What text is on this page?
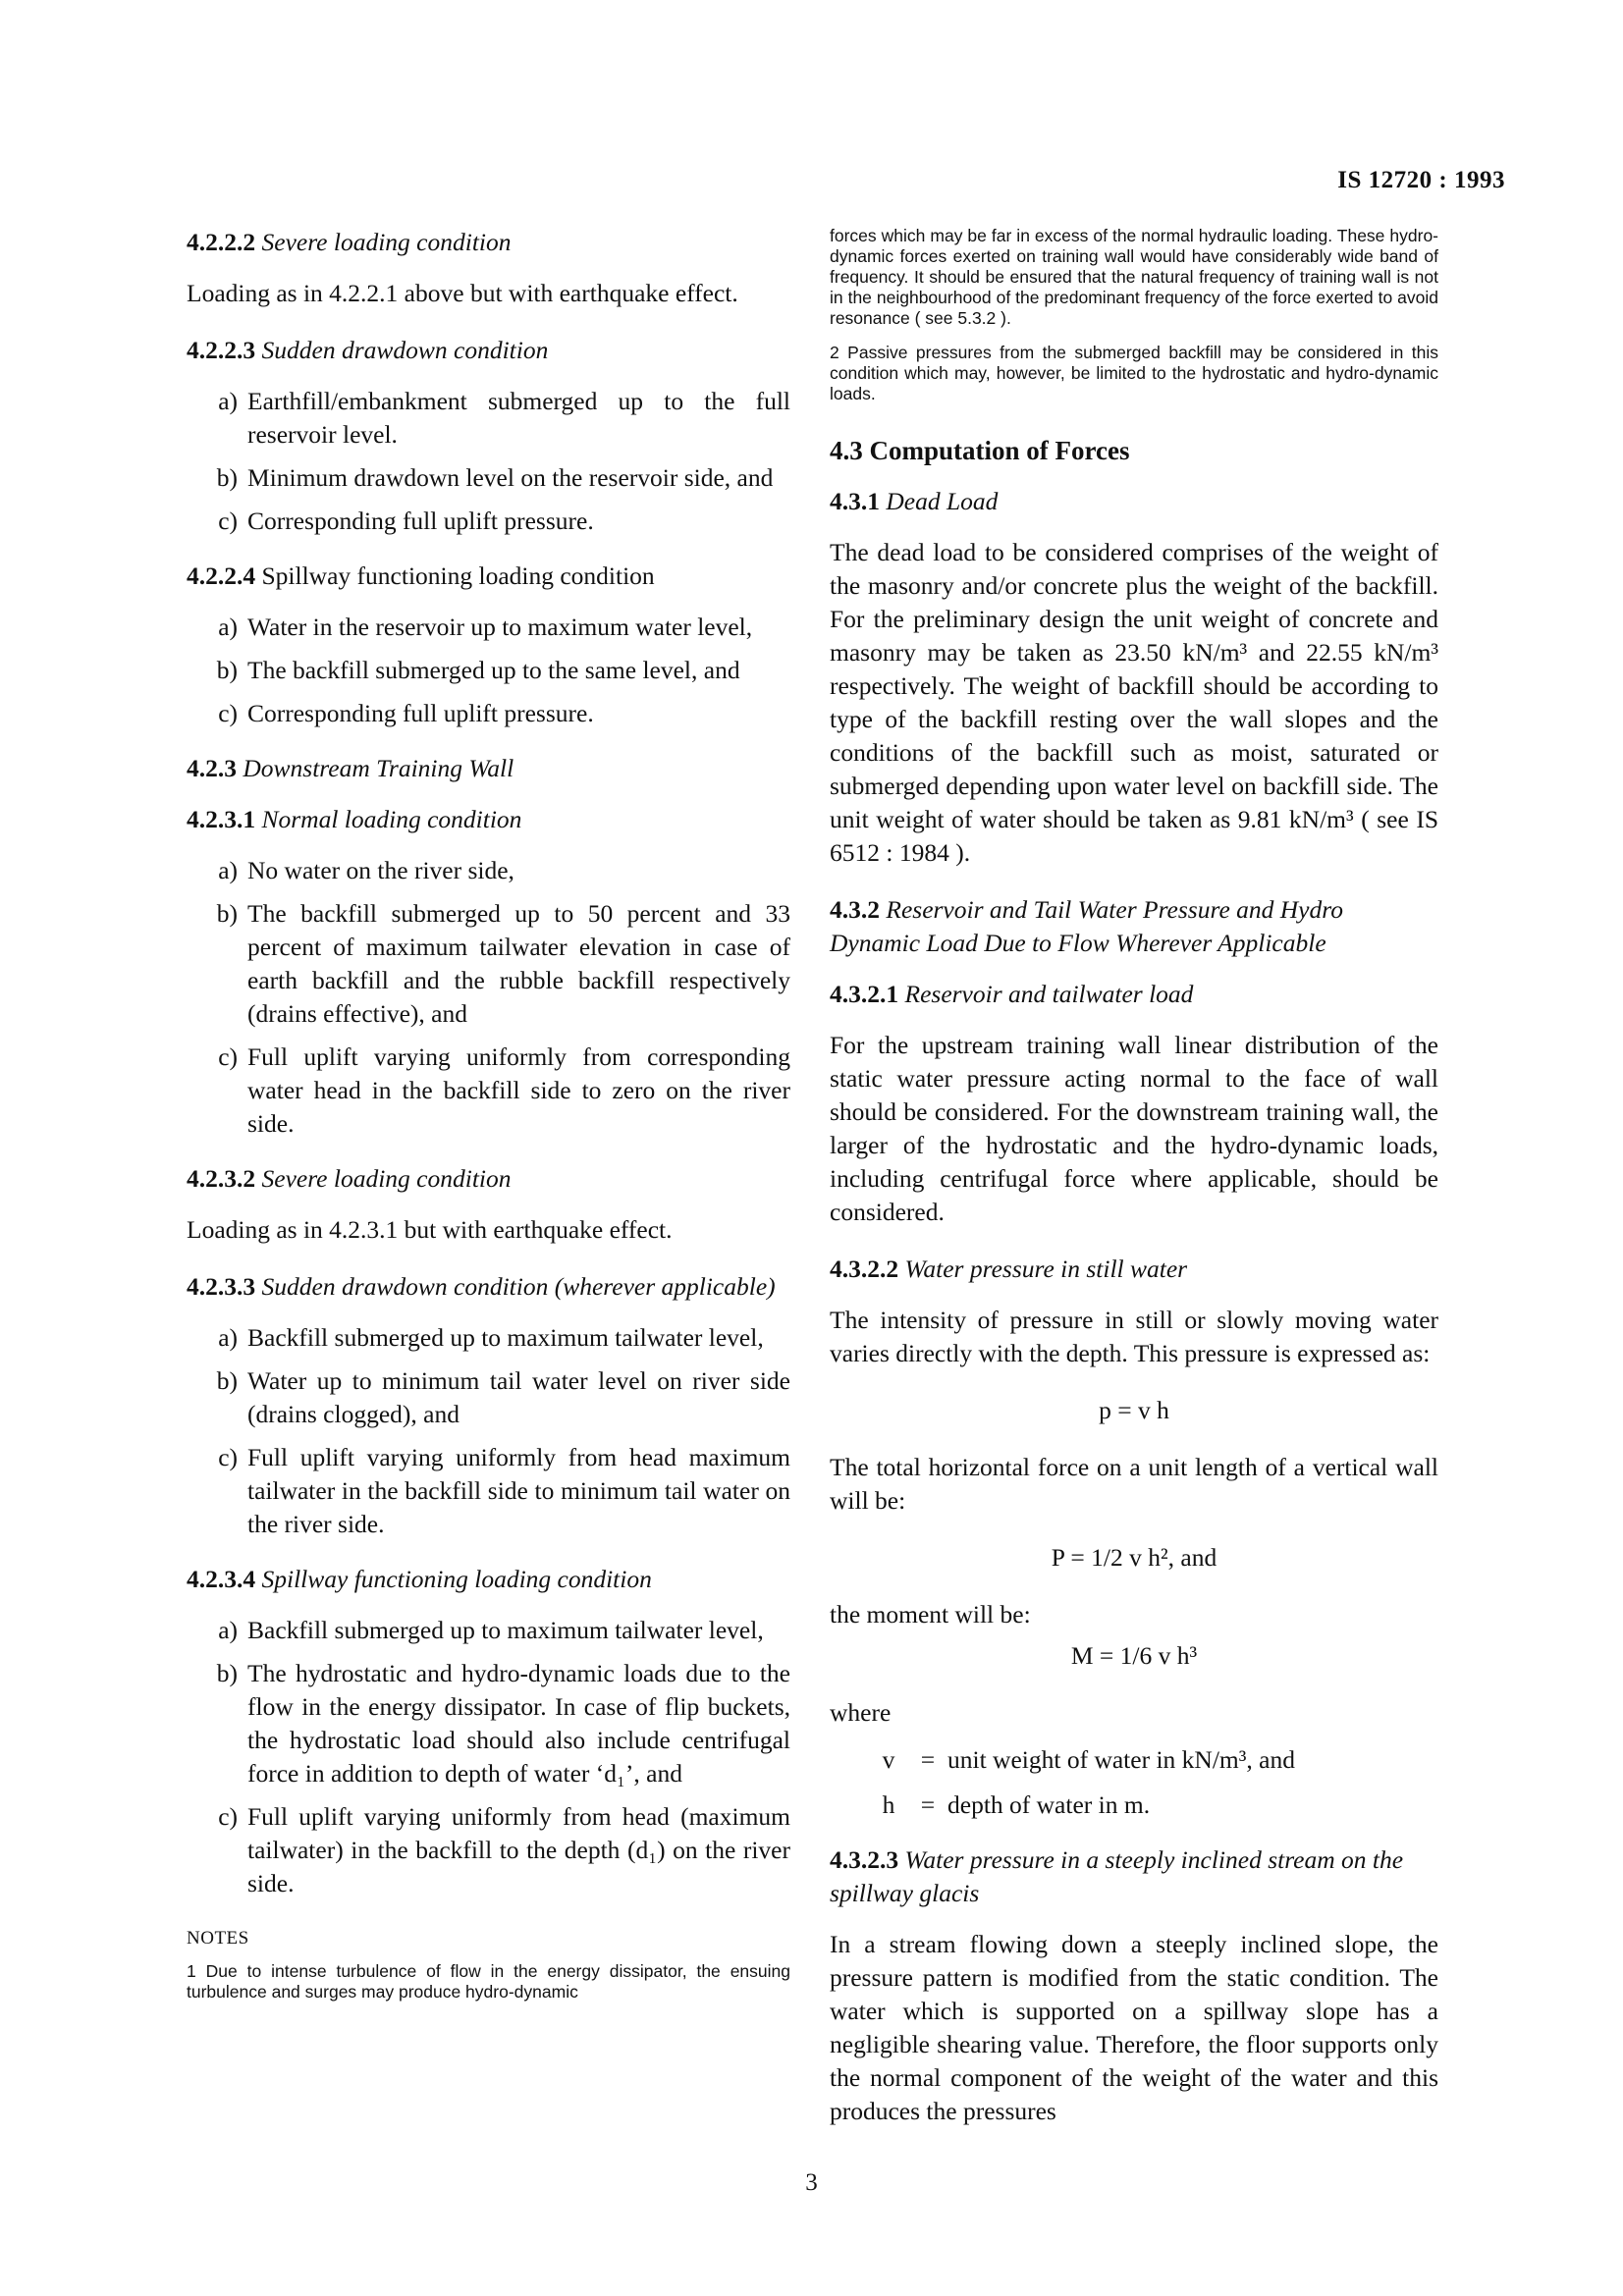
IS 12720 : 1993
4.2.2.2 Severe loading condition

Loading as in 4.2.2.1 above but with earthquake effect.

4.2.2.3 Sudden drawdown condition
a) Earthfill/embankment submerged up to the full reservoir level.
b) Minimum drawdown level on the reservoir side, and
c) Corresponding full uplift pressure.
4.2.2.4 Spillway functioning loading condition
a) Water in the reservoir up to maximum water level,
b) The backfill submerged up to the same level, and
c) Corresponding full uplift pressure.
4.2.3 Downstream Training Wall
4.2.3.1 Normal loading condition
a) No water on the river side,
b) The backfill submerged up to 50 percent and 33 percent of maximum tailwater elevation in case of earth backfill and the rubble backfill respectively (drains effective), and
c) Full uplift varying uniformly from corresponding water head in the backfill side to zero on the river side.
4.2.3.2 Severe loading condition

Loading as in 4.2.3.1 but with earthquake effect.

4.2.3.3 Sudden drawdown condition (wherever applicable)
a) Backfill submerged up to maximum tailwater level,
b) Water up to minimum tail water level on river side (drains clogged), and
c) Full uplift varying uniformly from head maximum tailwater in the backfill side to minimum tail water on the river side.
4.2.3.4 Spillway functioning loading condition
a) Backfill submerged up to maximum tailwater level,
b) The hydrostatic and hydro-dynamic loads due to the flow in the energy dissipator. In case of flip buckets, the hydrostatic load should also include centrifugal force in addition to depth of water ‘d₁’, and
c) Full uplift varying uniformly from head (maximum tailwater) in the backfill to the depth (d₁) on the river side.
NOTES

1 Due to intense turbulence of flow in the energy dissipator, the ensuing turbulence and surges may produce hydro-dynamic

forces which may be far in excess of the normal hydraulic loading. These hydro-dynamic forces exerted on training wall would have considerably wide band of frequency. It should be ensured that the natural frequency of training wall is not in the neighbourhood of the predominant frequency of the force exerted to avoid resonance ( see 5.3.2 ).

2 Passive pressures from the submerged backfill may be considered in this condition which may, however, be limited to the hydrostatic and hydro-dynamic loads.

4.3 Computation of Forces
4.3.1 Dead Load

The dead load to be considered comprises of the weight of the masonry and/or concrete plus the weight of the backfill. For the preliminary design the unit weight of concrete and masonry may be taken as 23.50 kN/m³ and 22.55 kN/m³ respectively. The weight of backfill should be according to type of the backfill resting over the wall slopes and the conditions of the backfill such as moist, saturated or submerged depending upon water level on backfill side. The unit weight of water should be taken as 9.81 kN/m³ ( see IS 6512 : 1984 ).

4.3.2 Reservoir and Tail Water Pressure and Hydro Dynamic Load Due to Flow Wherever Applicable
4.3.2.1 Reservoir and tailwater load

For the upstream training wall linear distribution of the static water pressure acting normal to the face of wall should be considered. For the downstream training wall, the larger of the hydrostatic and the hydro-dynamic loads, including centrifugal force where applicable, should be considered.

4.3.2.2 Water pressure in still water

The intensity of pressure in still or slowly moving water varies directly with the depth. This pressure is expressed as:

p = v h

The total horizontal force on a unit length of a vertical wall will be:

P = 1/2 v h², and

the moment will be:

M = 1/6 v h³

where

v	= unit weight of water in kN/m³, and
h	= depth of water in m.
4.3.2.3 Water pressure in a steeply inclined stream on the spillway glacis

In a stream flowing down a steeply inclined slope, the pressure pattern is modified from the static condition. The water which is supported on a spillway slope has a negligible shearing value. Therefore, the floor supports only the normal component of the weight of the water and this produces the pressures

3
